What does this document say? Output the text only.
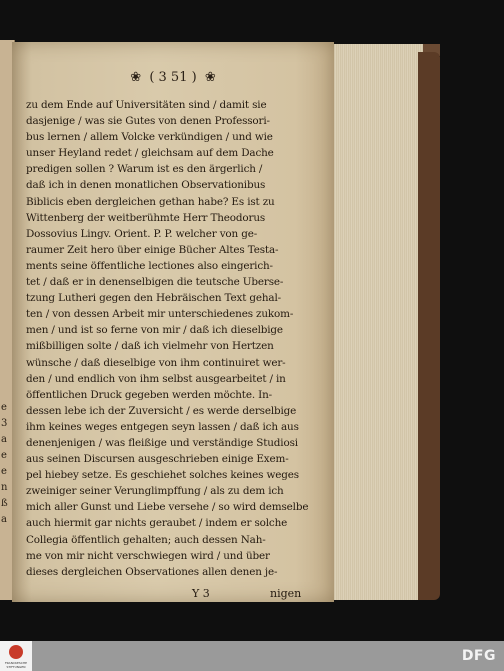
e
3
a
e
e
n
ß
a
❀ ( 3 51 ) ❀
zu dem Ende auf Universitäten sind / damit sie
dasjenige / was sie Gutes von denen Professori-
bus lernen / allem Volcke verkündigen / und wie
unser Heyland redet / gleichsam auf dem Dache
predigen sollen ? Warum ist es den ärgerlich /
daß ich in denen monatlichen Observationibus
Biblicis eben dergleichen gethan habe? Es ist zu
Wittenberg der weitberühmte Herr Theodorus
Dossovius Lingv. Orient. P. P. welcher von ge-
raumer Zeit hero über einige Bücher Altes Testa-
ments seine öffentliche lectiones also eingerich-
tet / daß er in denenselbigen die teutsche Uberse-
tzung Lutheri gegen den Hebräischen Text gehal-
ten / von dessen Arbeit mir unterschiedenes zukom-
men / und ist so ferne von mir / daß ich dieselbige
mißbilligen solte / daß ich vielmehr von Hertzen
wünsche / daß dieselbige von ihm continuiret wer-
den / und endlich von ihm selbst ausgearbeitet / in
öffentlichen Druck gegeben werden möchte. In-
dessen lebe ich der Zuversicht / es werde derselbige
ihm keines weges entgegen seyn lassen / daß ich aus
denenjenigen / was fleißige und verständige Studiosi
aus seinen Discursen ausgeschrieben einige Exem-
pel hiebey setze. Es geschiehet solches keines weges
zweiniger seiner Verunglimpffung / als zu dem ich
mich aller Gunst und Liebe versehe / so wird demselbe
auch hiermit gar nichts geraubet / indem er solche
Collegia öffentlich gehalten; auch dessen Nah-
me von mir nicht verschwiegen wird / und über
dieses dergleichen Observationes allen denen je-
Y 3	nigen
FRANCKESCHE STIFTUNGEN
DFG
